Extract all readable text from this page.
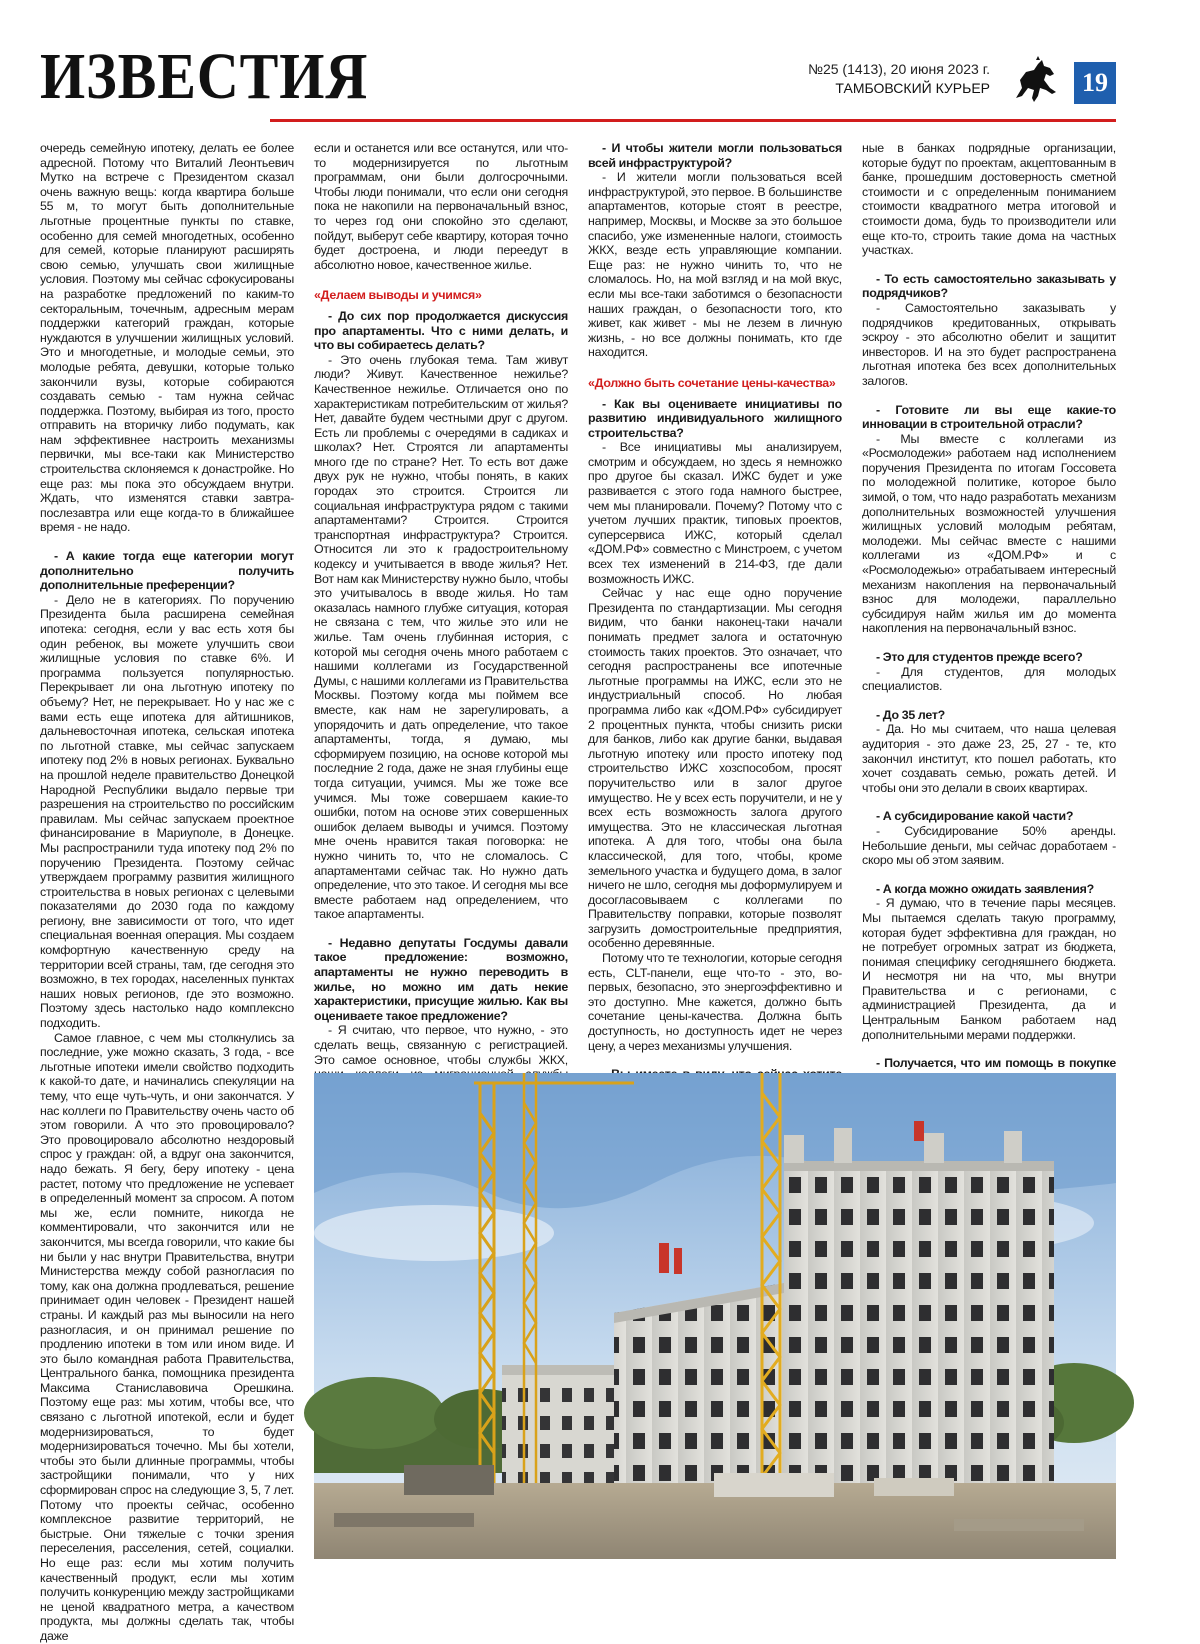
ИЗВЕСТИЯ	№25 (1413), 20 июня 2023 г.
ТАМБОВСКИЙ КУРЬЕР	19

очередь семейную ипотеку, делать ее более адресной. Потому что Виталий Леонтьевич Мутко на встрече с Президентом сказал очень важную вещь: когда квартира больше 55 м, то могут быть дополнительные льготные процентные пункты по ставке, особенно для семей многодетных, особенно для семей, которые планируют расширять свою семью, улучшать свои жилищные условия. Поэтому мы сейчас сфокусированы на разработке предложений по каким-то секторальным, точечным, адресным мерам поддержки категорий граждан, которые нуждаются в улучшении жилищных условий. Это и многодетные, и молодые семьи, это молодые ребята, девушки, которые только закончили вузы, которые собираются создавать семью - там нужна сейчас поддержка. Поэтому, выбирая из того, просто отправить на вторичку либо подумать, как нам эффективнее настроить механизмы первички, мы все-таки как Министерство строительства склоняемся к донастройке. Но еще раз: мы пока это обсуждаем внутри. Ждать, что изменятся ставки завтра-послезавтра или еще когда-то в ближайшее время - не надо.

- А какие тогда еще категории могут дополнительно получить дополнительные преференции?

- Дело не в категориях. По поручению Президента была расширена семейная ипотека: сегодня, если у вас есть хотя бы один ребенок, вы можете улучшить свои жилищные условия по ставке 6%. И программа пользуется популярностью. Перекрывает ли она льготную ипотеку по объему? Нет, не перекрывает. Но у нас же с вами есть еще ипотека для айтишников, дальневосточная ипотека, сельская ипотека по льготной ставке, мы сейчас запускаем ипотеку под 2% в новых регионах. Буквально на прошлой неделе правительство Донецкой Народной Республики выдало первые три разрешения на строительство по российским правилам. Мы сейчас запускаем проектное финансирование в Мариуполе, в Донецке. Мы распространили туда ипотеку под 2% по поручению Президента. Поэтому сейчас утверждаем программу развития жилищного строительства в новых регионах с целевыми показателями до 2030 года по каждому региону, вне зависимости от того, что идет специальная военная операция. Мы создаем комфортную качественную среду на территории всей страны, там, где сегодня это возможно, в тех городах, населенных пунктах наших новых регионов, где это возможно. Поэтому здесь настолько надо комплексно подходить.

Самое главное, с чем мы столкнулись за последние, уже можно сказать, 3 года, - все льготные ипотеки имели свойство подходить к какой-то дате, и начинались спекуляции на тему, что еще чуть-чуть, и они закончатся. У нас коллеги по Правительству очень часто об этом говорили. А что это провоцировало? Это провоцировало абсолютно нездоровый спрос у граждан: ой, а вдруг она закончится, надо бежать. Я бегу, беру ипотеку - цена растет, потому что предложение не успевает в определенный момент за спросом. А потом мы же, если помните, никогда не комментировали, что закончится или не закончится, мы всегда говорили, что какие бы ни были у нас внутри Правительства, внутри Министерства между собой разногласия по тому, как она должна продлеваться, решение принимает один человек - Президент нашей страны. И каждый раз мы выносили на него разногласия, и он принимал решение по продлению ипотеки в том или ином виде. И это было командная работа Правительства, Центрального банка, помощника президента Максима Станиславовича Орешкина. Поэтому еще раз: мы хотим, чтобы все, что связано с льготной ипотекой, если и будет модернизироваться, то будет модернизироваться точечно. Мы бы хотели, чтобы это были длинные программы, чтобы застройщики понимали, что у них сформирован спрос на следующие 3, 5, 7 лет. Потому что проекты сейчас, особенно комплексное развитие территорий, не быстрые. Они тяжелые с точки зрения переселения, расселения, сетей, социалки. Но еще раз: если мы хотим получить качественный продукт, если мы хотим получить конкуренцию между застройщиками не ценой квадратного метра, а качеством продукта, мы должны сделать так, чтобы даже

если и останется или все останутся, или что-то модернизируется по льготным программам, они были долгосрочными. Чтобы люди понимали, что если они сегодня пока не накопили на первоначальный взнос, то через год они спокойно это сделают, пойдут, выберут себе квартиру, которая точно будет достроена, и люди переедут в абсолютно новое, качественное жилье.

«Делаем выводы и учимся»

- До сих пор продолжается дискуссия про апартаменты. Что с ними делать, и что вы собираетесь делать?

- Это очень глубокая тема. Там живут люди? Живут. Качественное нежилье? Качественное нежилье. Отличается оно по характеристикам потребительским от жилья? Нет, давайте будем честными друг с другом. Есть ли проблемы с очередями в садиках и школах? Нет. Строятся ли апартаменты много где по стране? Нет. То есть вот даже двух рук не нужно, чтобы понять, в каких городах это строится. Строится ли социальная инфраструктура рядом с такими апартаментами? Строится. Строится транспортная инфраструктура? Строится. Относится ли это к градостроительному кодексу и учитывается в вводе жилья? Нет. Вот нам как Министерству нужно было, чтобы это учитывалось в вводе жилья. Но там оказалась намного глубже ситуация, которая не связана с тем, что жилье это или не жилье. Там очень глубинная история, с которой мы сегодня очень много работаем с нашими коллегами из Государственной Думы, с нашими коллегами из Правительства Москвы. Поэтому когда мы поймем все вместе, как нам не зарегулировать, а упорядочить и дать определение, что такое апартаменты, тогда, я думаю, мы сформируем позицию, на основе которой мы последние 2 года, даже не зная глубины еще тогда ситуации, учимся. Мы же тоже все учимся. Мы тоже совершаем какие-то ошибки, потом на основе этих совершенных ошибок делаем выводы и учимся. Поэтому мне очень нравится такая поговорка: не нужно чинить то, что не сломалось. С апартаментами сейчас так. Но нужно дать определение, что это такое. И сегодня мы все вместе работаем над определением, что такое апартаменты.

- Недавно депутаты Госдумы давали такое предложение: возможно, апартаменты не нужно переводить в жилье, но можно им дать некие характеристики, присущие жилью. Как вы оцениваете такое предложение?

- Я считаю, что первое, что нужно, - это сделать вещь, связанную с регистрацией. Это самое основное, чтобы службы ЖКХ,

- И чтобы жители могли пользоваться всей инфраструктурой?

- И жители могли пользоваться всей инфраструктурой, это первое. В большинстве апартаментов, которые стоят в реестре, например, Москвы, и Москве за это большое спасибо, уже измененные налоги, стоимость ЖКХ, везде есть управляющие компании. Еще раз: не нужно чинить то, что не сломалось. Но, на мой взгляд и на мой вкус, если мы все-таки заботимся о безопасности наших граждан, о безопасности того, кто живет, как живет - мы не лезем в личную жизнь, - но все должны понимать, кто где находится.

«Должно быть сочетание цены-качества»

- Как вы оцениваете инициативы по развитию индивидуального жилищного строительства?

- Все инициативы мы анализируем, смотрим и обсуждаем, но здесь я немножко про другое бы сказал. ИЖС будет и уже развивается с этого года намного быстрее, чем мы планировали. Почему? Потому что с учетом лучших практик, типовых проектов, суперсервиса ИЖС, который сделал «ДОМ.РФ» совместно с Минстроем, с учетом всех тех изменений в 214-ФЗ, где дали возможность ИЖС.

Сейчас у нас еще одно поручение Президента по стандартизации. Мы сегодня видим, что банки наконец-таки начали понимать предмет залога и остаточную стоимость таких проектов. Это означает, что сегодня распространены все ипотечные льготные программы на ИЖС, если это не индустриальный способ. Но любая программа либо как «ДОМ.РФ» субсидирует 2 процентных пункта, чтобы снизить риски для банков, либо как другие банки, выдавая льготную ипотеку или просто ипотеку под строительство ИЖС хозспособом, просят поручительство или в залог другое имущество. Не у всех есть поручители, и не у всех есть возможность залога другого имущества. Это не классическая льготная ипотека. А для того, чтобы она была классической, для того, чтобы, кроме земельного участка и будущего дома, в залог ничего не шло, сегодня мы доформулируем и досогласовываем с коллегами по Правительству поправки, которые позволят загрузить домостроительные предприятия, особенно деревянные.

Потому что те технологии, которые сегодня есть, CLT-панели, еще что-то - это, во-первых, безопасно, это энергоэффективно и это доступно. Мне кажется, должно быть сочетание цены-качества. Должна быть доступность, но доступность идет не через цену, а через механизмы улучшения.

ные в банках подрядные организации, которые будут по проектам, акцептованным в банке, прошедшим достоверность сметной стоимости и с определенным пониманием стоимости квадратного метра итоговой и стоимости дома, будь то производители или еще кто-то, строить такие дома на частных участках.

- То есть самостоятельно заказывать у подрядчиков?

- Самостоятельно заказывать у подрядчиков кредитованных, открывать эскроу - это абсолютно обелит и защитит инвесторов. И на это будет распространена льготная ипотека без всех дополнительных залогов.

- Готовите ли вы еще какие-то инновации в строительной отрасли?

- Мы вместе с коллегами из «Росмолодежи» работаем над исполнением поручения Президента по итогам Госсовета по молодежной политике, которое было зимой, о том, что надо разработать механизм дополнительных возможностей улучшения жилищных условий молодым ребятам, молодежи. Мы сейчас вместе с нашими коллегами из «ДОМ.РФ» и с «Росмолодежью» отрабатываем интересный механизм накопления на первоначальный взнос для молодежи, параллельно субсидируя найм жилья им до момента накопления на первоначальный взнос.

- Это для студентов прежде всего?

- Для студентов, для молодых специалистов.

- До 35 лет?

- Да. Но мы считаем, что наша целевая аудитория - это даже 23, 25, 27 - те, кто закончил институт, кто пошел работать, кто хочет создавать семью, рожать детей. И чтобы они это делали в своих квартирах.

- А субсидирование какой части?

- Субсидирование 50% аренды. Небольшие деньги, мы сейчас доработаем - скоро мы об этом заявим.

- А когда можно ожидать заявления?

- Я думаю, что в течение пары месяцев. Мы пытаемся сделать такую программу, которая будет эффективна для граждан, но не потребует огромных затрат из бюджета, понимая специфику сегодняшнего бюджета. И несмотря ни на что, мы внутри Правительства и с регионами, с администрацией Президента, да и Центральным Банком работаем над дополнительными мерами поддержки.

- Получается, что им помощь в покупке
